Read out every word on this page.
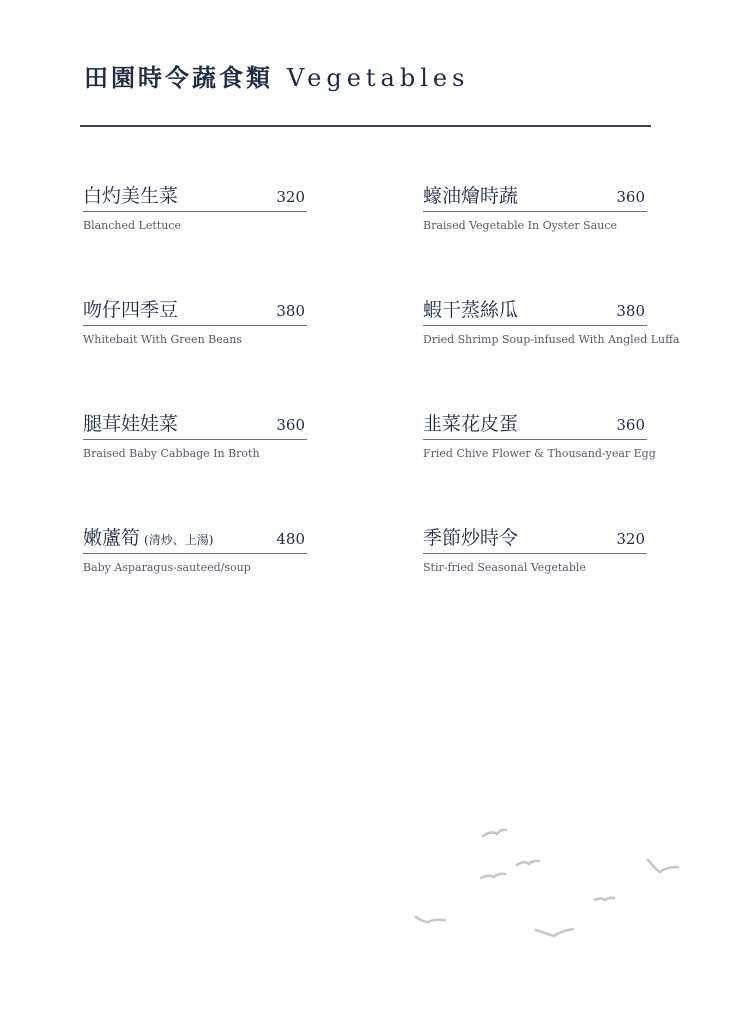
田園時令蔬食類 Vegetables
白灼美生菜	320
Blanched Lettuce
蠔油燴時蔬	360
Braised Vegetable In Oyster Sauce
吻仔四季豆	380
Whitebait With Green Beans
蝦干蒸絲瓜	380
Dried Shrimp Soup-infused With Angled Luffa
腿茸娃娃菜	360
Braised Baby Cabbage In Broth
韭菜花皮蛋	360
Fried Chive Flower & Thousand-year Egg
嫩蘆筍 (清炒、上湯)	480
Baby Asparagus-sauteed/soup
季節炒時令	320
Stir-fried Seasonal Vegetable
